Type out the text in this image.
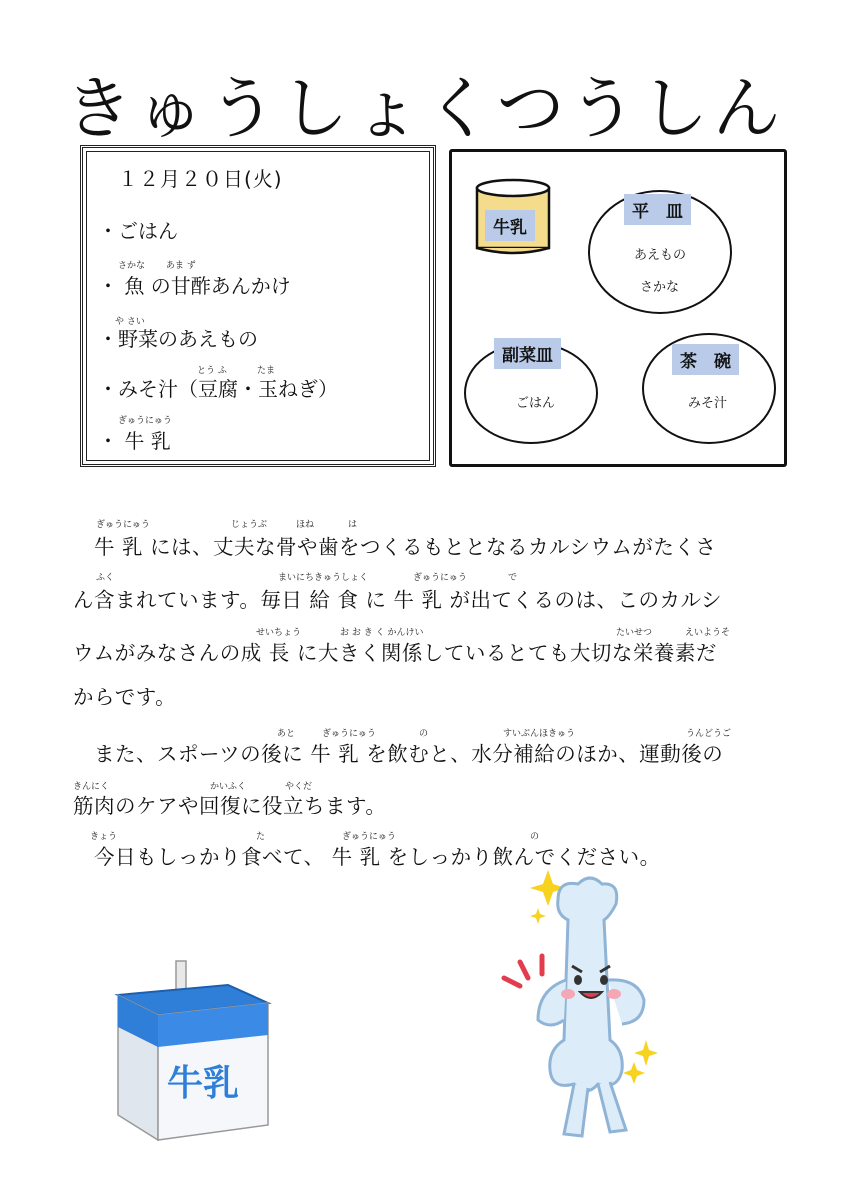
きゅうしょくつうしん
１２月２０日(火)
・ごはん
さかな　　 あま ず
・ 魚 の甘酢あんかけ
や さい
・野菜のあえもの
とう ふ	たま
・みそ汁（豆腐・玉ねぎ）
ぎゅうにゅう
・ 牛 乳
牛乳
平　皿
あえもの
さかな
副菜皿
ごはん
茶　碗
みそ汁
ぎゅうにゅう	じょうぶ	ほね	は
　牛 乳 には、丈夫な骨や歯をつくるもととなるカルシウムがたくさ
ふく	まいにちきゅうしょく	ぎゅうにゅう	で
ん含まれています。毎日 給 食 に 牛 乳 が出てくるのは、このカルシ
せいちょう	お お き く かんけい	たいせつ	えいようそ
ウムがみなさんの成 長 に大きく関係しているとても大切な栄養素だ
からです。
あと	ぎゅうにゅう	の	すいぶんほきゅう	うんどうご
　また、スポーツの後に 牛 乳 を飲むと、水分補給のほか、運動後の
きんにく	かいふく	やくだ
筋肉のケアや回復に役立ちます。
きょう	た	ぎゅうにゅう	の
　今日もしっかり食べて、 牛 乳 をしっかり飲んでください。
牛乳
